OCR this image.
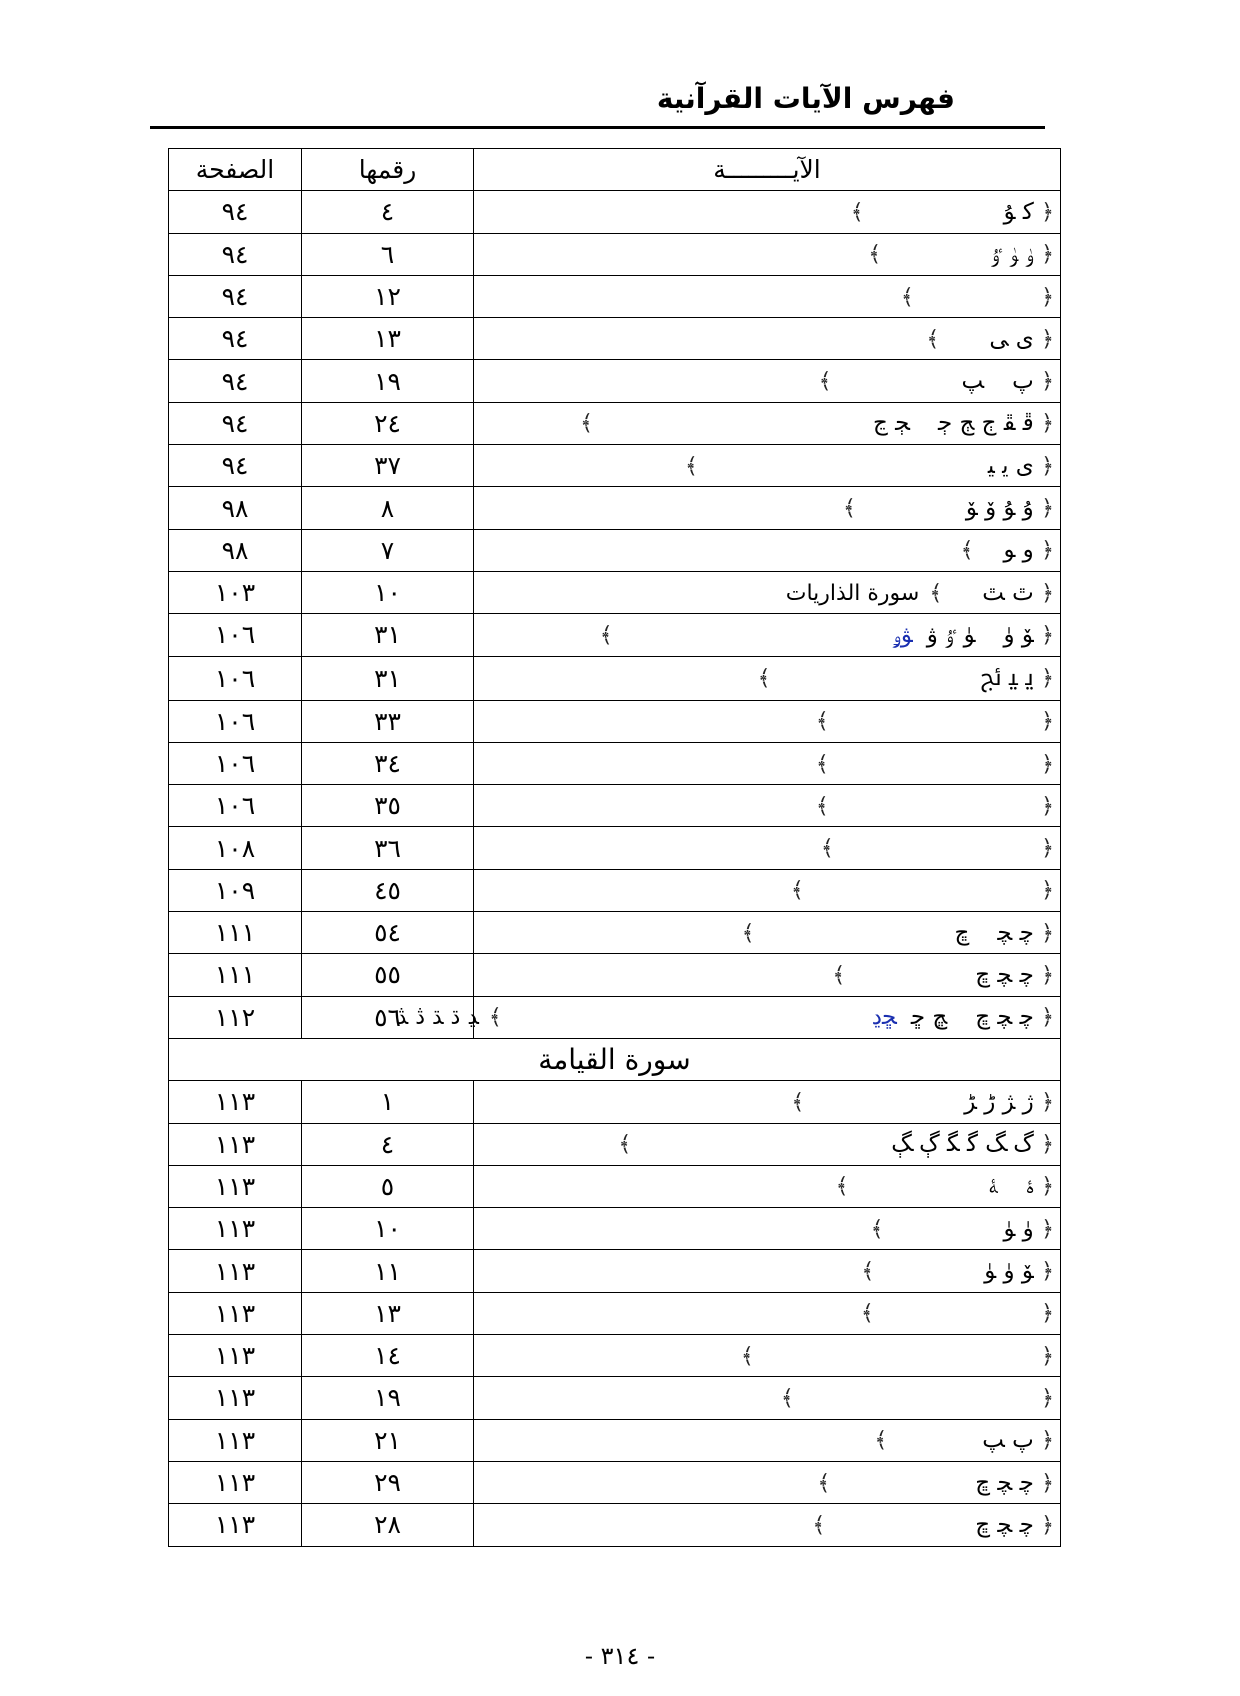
فهرس الآيات القرآنية
الآيـــــــــة	رقمها	الصفحة
﴿ ﮐ ﯘ﴾	٤	٩٤
﴿ ﯛ ﯜ ﯝ﴾	٦	٩٤
﴿ ﴾	١٢	٩٤
﴿ ﯼ ﯽ﴾	١٣	٩٤
﴿ ﭖﭗ﴾	١٩	٩٤
﴿ ﭰ ﭱ ﭲ ﭳ ﭴﭵ ﭶ﴾	٢٤	٩٤
﴿ ﯼ ﯾ ﯿ﴾	٣٧	٩٤
﴿ ﯗ ﯘ ﯙ ﯚ﴾	٨	٩٨
﴿ ﻭ ﻮ﴾	٧	٩٨
﴿ ﭢ ﭣ﴾سورة الذاريات	١٠	١٠٣
﴿ ﯚ ﯛﯜ ﯝ ﯞﯟﯠ﴾	٣١	١٠٦
﴿ ﯾ ﯿ ﰀ﴾	٣١	١٠٦
﴿ ﴾	٣٣	١٠٦
﴿ ﴾	٣٤	١٠٦
﴿ ﴾	٣٥	١٠٦
﴿ ﴾	٣٦	١٠٨
﴿ ﴾	٤٥	١٠٩
﴿ ﭼ ﭽﭾ﴾	٥٤	١١١
﴿ ﭼ ﭽ ﭾ﴾	٥٥	١١١
﴿ ﭼ ﭽ ﭾﭿ ﮀﮁﮂ﴾ﮃ ﮄ ﮅ ﮆ ﮇ	٥٦	١١٢
سورة القيامة		
﴿ ﮊ ﮋ ﮌ ﮍ﴾	١	١١٣
﴿ ﮒ ﮓ ﮔ ﮕ ﮖ ﮗ﴾	٤	١١٣
﴿ ﮤﮥ﴾	٥	١١٣
﴿ ﯛ ﯜ﴾	١٠	١١٣
﴿ ﯚ ﯛ ﯜ﴾	١١	١١٣
﴿ ﴾	١٣	١١٣
﴿ ﴾	١٤	١١٣
﴿ ﴾	١٩	١١٣
﴿ ﭖ ﭗ﴾	٢١	١١٣
﴿ ﭼ ﭽ ﭾ﴾	٢٩	١١٣
﴿ ﭼ ﭽ ﭾ﴾	٢٨	١١٣
- ٣١٤ -
